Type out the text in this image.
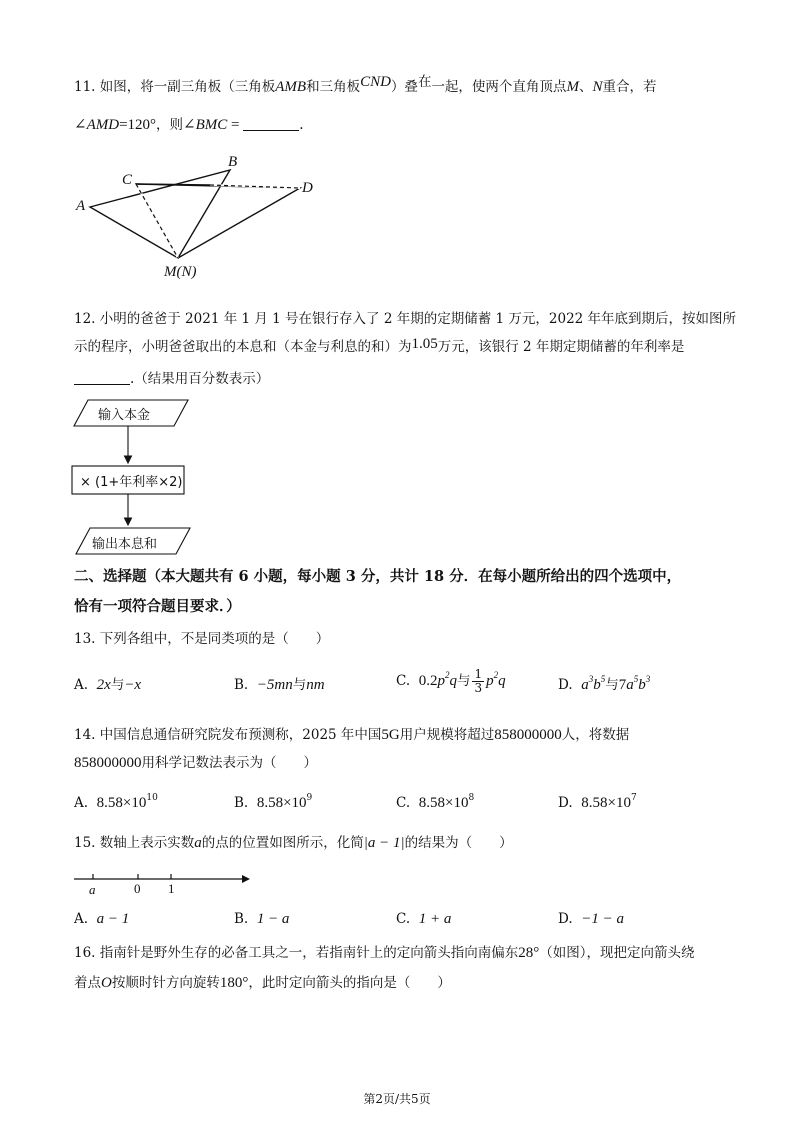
11. 如图，将一副三角板（三角板AMB和三角板CND）叠在一起，使两个直角顶点M、N重合，若
∠AMD=120°，则∠BMC =	.
A
B
C	D
M(N)
12. 小明的爸爸于 2021 年 1 月 1 号在银行存入了 2 年期的定期储蓄 1 万元，2022 年年底到期后，按如图所
示的程序，小明爸爸取出的本息和（本金与利息的和）为1.05万元，该银行 2 年期定期储蓄的年利率是
.（结果用百分数表示）
输入本金
× (1+年利率×2)
输出本息和
二、选择题（本大题共有 6 小题，每小题 3 分，共计 18 分．在每小题所给出的四个选项中，
恰有一项符合题目要求．）
13. 下列各组中，不是同类项的是（　　）
A. 2x与−x	B. −5mn与nm	C. $0.2p^2q$与 $\frac{1}{3} p^2q$	D. $a^3b^5$与$7a^5b^3$
14. 中国信息通信研究院发布预测称，2025 年中国5G用户规模将超过858000000人，将数据
858000000用科学记数法表示为（　　）
A. $8.58\times 10^{10}$	B. $8.58\times 10^9$	C. $8.58\times 10^8$	D. $8.58\times 10^7$
15. 数轴上表示实数a的点的位置如图所示，化简|a − 1|的结果为（　　）
a	0 1
A. a − 1	B. 1 − a	C. 1 + a	D. −1 − a
16. 指南针是野外生存的必备工具之一，若指南针上的定向箭头指向南偏东28°（如图），现把定向箭头绕
着点O按顺时针方向旋转180°，此时定向箭头的指向是（　　）
第2页/共5页
